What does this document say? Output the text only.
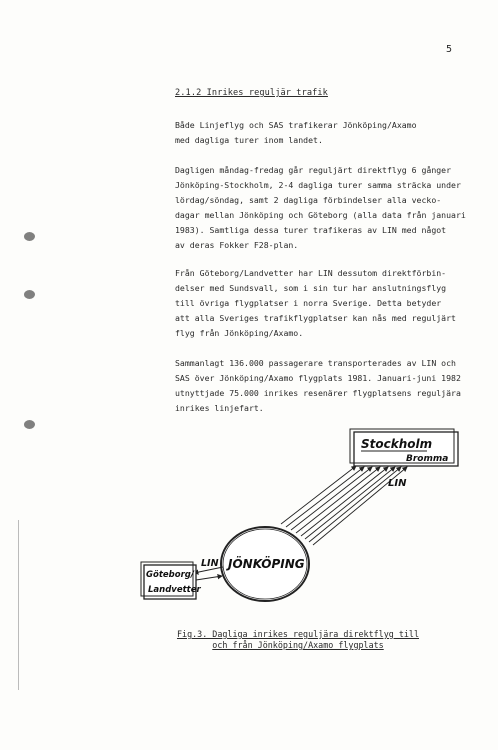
5
2.1.2 Inrikes reguljär trafik

Både Linjeflyg och SAS trafikerar Jönköping/Axamo
med dagliga turer inom landet.

Dagligen måndag-fredag går reguljärt direktflyg 6 gånger
Jönköping-Stockholm, 2-4 dagliga turer samma sträcka under
lördag/söndag, samt 2 dagliga förbindelser alla vecko-
dagar mellan Jönköping och Göteborg (alla data från januari
1983). Samtliga dessa turer trafikeras av LIN med något
av deras Fokker F28-plan.

Från Göteborg/Landvetter har LIN dessutom direktförbin-
delser med Sundsvall, som i sin tur har anslutningsflyg
till övriga flygplatser i norra Sverige. Detta betyder
att alla Sveriges trafikflygplatser kan nås med reguljärt
flyg från Jönköping/Axamo.

Sammanlagt 136.000 passagerare transporterades av LIN och
SAS över Jönköping/Axamo flygplats 1981. Januari-juni 1982
utnyttjade 75.000 inrikes resenärer flygplatsens reguljära
inrikes linjefart.

Stockholm
Bromma
LIN
JÖNKÖPING
LIN
Göteborg/
Landvetter
Fig.3. Dagliga inrikes reguljära direktflyg till
och från Jönköping/Axamo flygplats
